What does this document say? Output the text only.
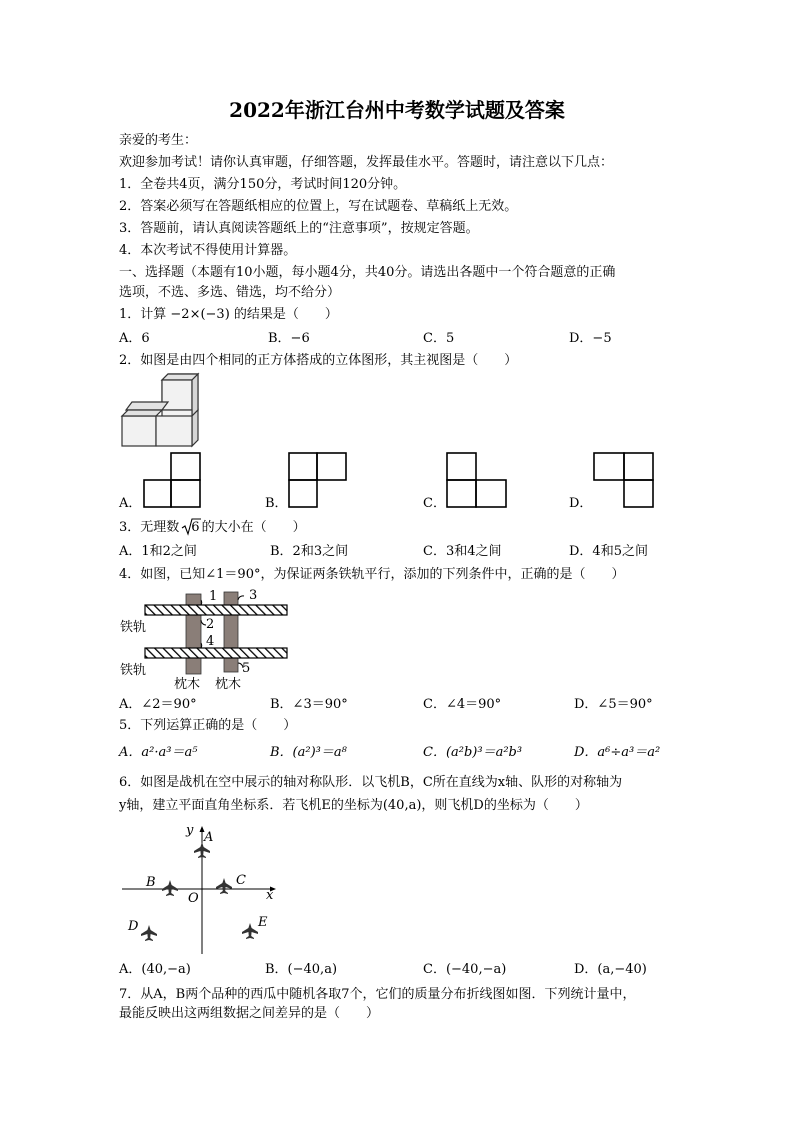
2022年浙江台州中考数学试题及答案
亲爱的考生：
欢迎参加考试！请你认真审题，仔细答题，发挥最佳水平。答题时，请注意以下几点：
1．全卷共4页，满分150分，考试时间120分钟。
2．答案必须写在答题纸相应的位置上，写在试题卷、草稿纸上无效。
3．答题前，请认真阅读答题纸上的“注意事项”，按规定答题。
4．本次考试不得使用计算器。
一、选择题（本题有10小题，每小题4分，共40分。请选出各题中一个符合题意的正确
选项，不选、多选、错选，均不给分）
1．计算 −2×(−3) 的结果是（　　）
A．6	B．−6	C．5	D．−5
2．如图是由四个相同的正方体搭成的立体图形，其主视图是（　　）
A．	B．	C．	D．
3．无理数 6 的大小在（　　）
A．1和2之间	B．2和3之间	C．3和4之间	D．4和5之间
4．如图，已知∠1＝90°，为保证两条铁轨平行，添加的下列条件中，正确的是（　　）
1 3
2
4
5
铁轨
铁轨
枕木 枕木
A．∠2＝90°	B．∠3＝90°	C．∠4＝90°	D．∠5＝90°
5．下列运算正确的是（　　）
A．a²·a³＝a⁵	B．(a²)³＝a⁸	C．(a²b)³＝a²b³	D．a⁶÷a³＝a²
6．如图是战机在空中展示的轴对称队形．以飞机B，C所在直线为x轴、队形的对称轴为
y轴，建立平面直角坐标系．若飞机E的坐标为(40,a)，则飞机D的坐标为（　　）
y
x
O
A
B	C
D	E
A．(40,−a)	B．(−40,a)	C．(−40,−a)	D．(a,−40)
7．从A，B两个品种的西瓜中随机各取7个，它们的质量分布折线图如图．下列统计量中，
最能反映出这两组数据之间差异的是（　　）
